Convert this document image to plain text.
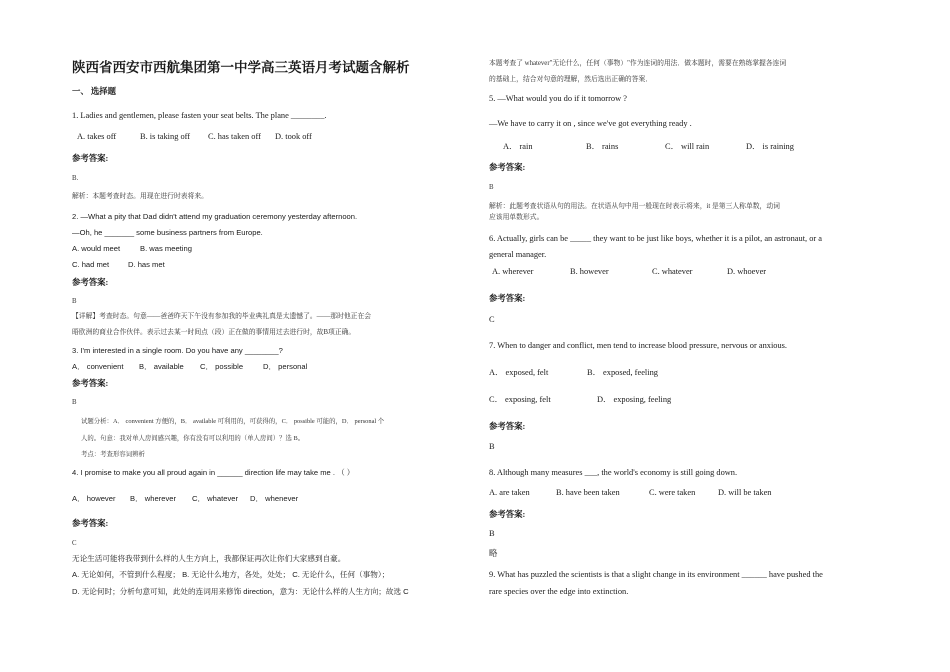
陕西省西安市西航集团第一中学高三英语月考试题含解析
一、 选择题
1. Ladies and gentlemen, please fasten your seat belts. The plane ________.
A. takes off	B. is taking off C. has taken off D. took off
参考答案:
B.
解析：本题考查时态。用现在进行时表将来。
2. —What a pity that Dad didn't attend my graduation ceremony yesterday afternoon.
—Oh, he _______ some business partners from Europe.
A. would meet	B. was meeting
C. had met D. has met
参考答案:
B
【详解】考查时态。句意——爸爸昨天下午没有参加我的毕业典礼真是太遗憾了。——那时他正在会
晤欧洲的商业合作伙伴。表示过去某一时间点（段）正在做的事情用过去进行时，故B项正确。
3. I'm interested in a single room. Do you have any ________?
A． convenient B． available C． possible	D． personal
参考答案:
B
试题分析：A． convenient 方便的，B． available 可利用的，可获得的，C． possible 可能的，D． personal 个
人的。句意：我对单人房间感兴趣，你有没有可以利用的（单人房间）？选 B。
考点：考查形容词辨析
4. I promise to make you all proud again in ______ direction life may take me . （ ）
A． however B． wherever C． whatever D． whenever
参考答案:
C
无论生活可能将我带到什么样的人生方向上，我都保证再次让你们大家感到自豪。
A. 无论如何，不管到什么程度； B. 无论什么地方，各处，处处； C. 无论什么，任何（事物）；
D. 无论何时；分析句意可知，此处的连词用来修饰 direction，意为：无论什么样的人生方向；故选 C
本题考查了 whatever"无论什么，任何（事物）"作为连词的用法．做本题时，需要在熟练掌握各连词
的基础上，结合对句意的理解，然后选出正确的答案．
5. —What would you do if it tomorrow ?
—We have to carry it on , since we've got everything ready .
A． rain	B． rains	C． will rain	D． is raining
参考答案:
B
解析：此题考查状语从句的用法。在状语从句中用一般现在时表示将来，it 是第三人称单数，动词
应该用单数形式。
6. Actually, girls can be _____ they want to be just like boys, whether it is a pilot, an astronaut, or a
general manager.
A. wherever	B. however	C. whatever	D. whoever
参考答案:
C
7. When to danger and conflict, men tend to increase blood pressure, nervous or anxious.
A． exposed, felt	B． exposed, feeling
C． exposing, felt	D． exposing, feeling
参考答案:
B
8. Although many measures ___, the world's economy is still going down.
A. are taken	B. have been taken	C. were taken	D. will be taken
参考答案:
B
略
9. What has puzzled the scientists is that a slight change in its environment ______ have pushed the
rare species over the edge into extinction.
